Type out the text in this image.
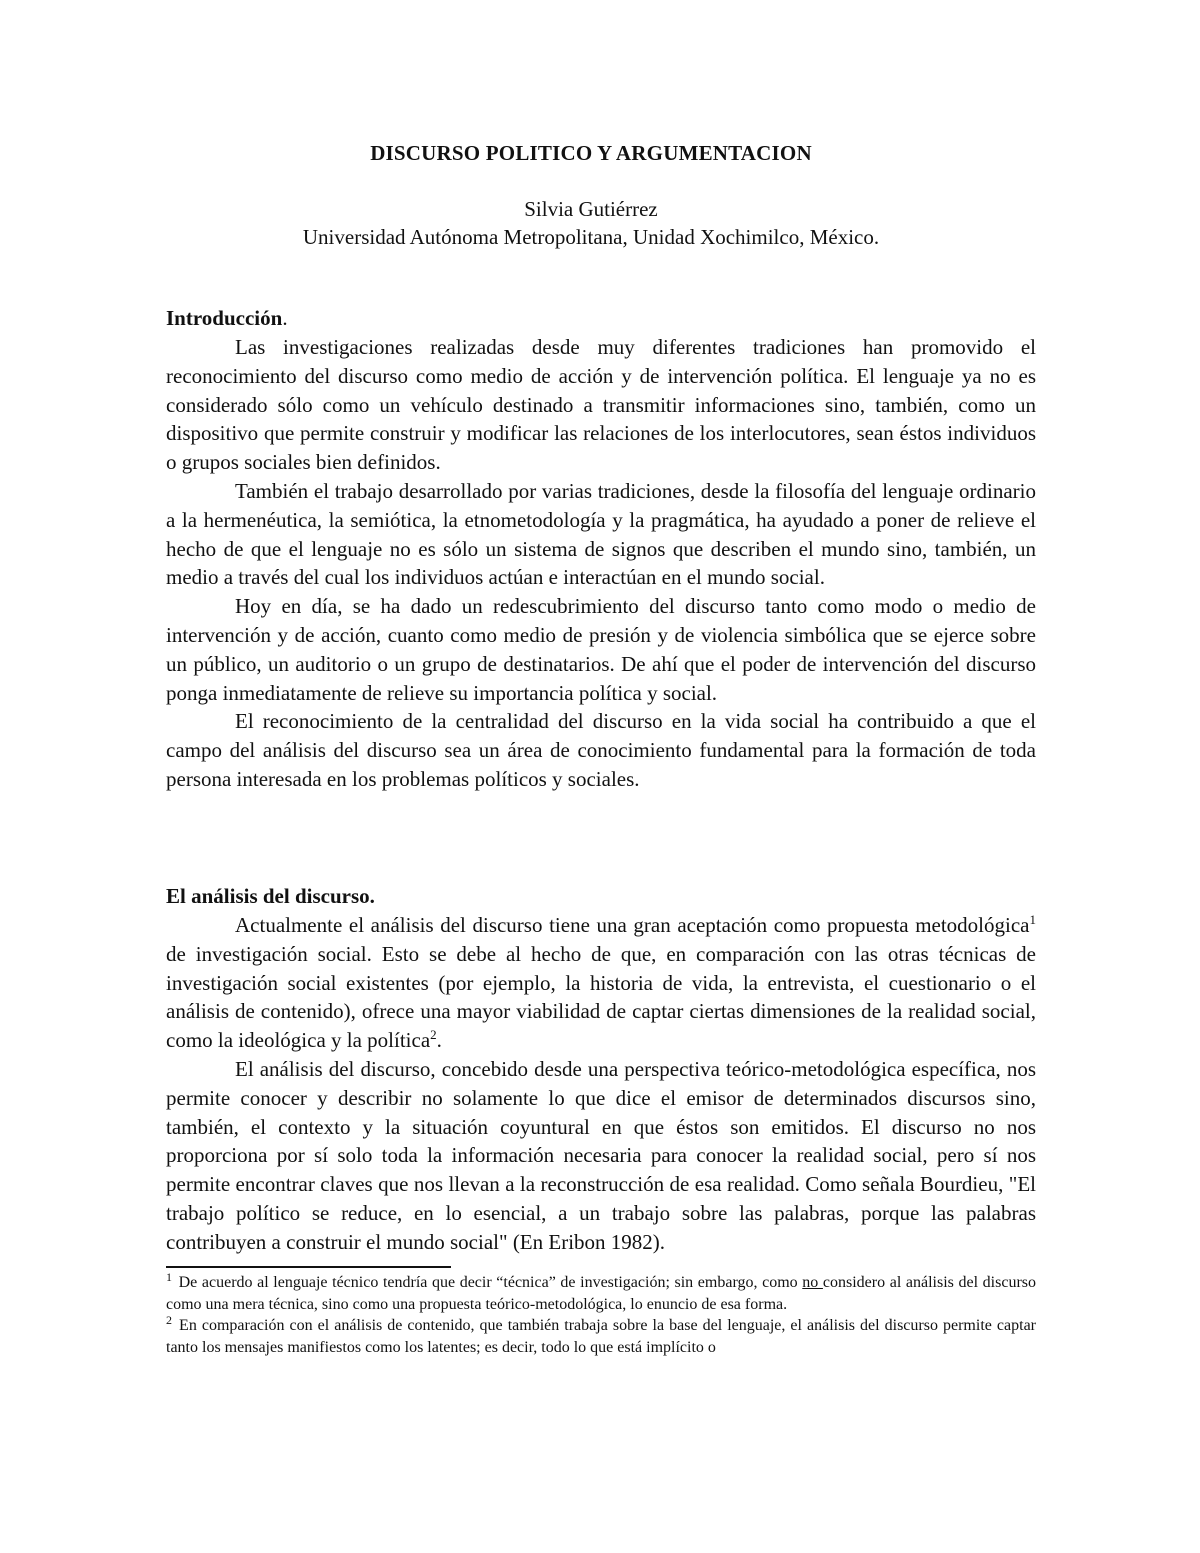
DISCURSO POLITICO Y ARGUMENTACION
Silvia Gutiérrez
Universidad Autónoma Metropolitana, Unidad Xochimilco, México.
Introducción.

Las investigaciones realizadas desde muy diferentes tradiciones han promovido el reconocimiento del discurso como medio de acción y de intervención política. El lenguaje ya no es considerado sólo como un vehículo destinado a transmitir informaciones sino, también, como un dispositivo que permite construir y modificar las relaciones de los interlocutores, sean éstos individuos o grupos sociales bien definidos.

También el trabajo desarrollado por varias tradiciones, desde la filosofía del lenguaje ordinario a la hermenéutica, la semiótica, la etnometodología y la pragmática, ha ayudado a poner de relieve el hecho de que el lenguaje no es sólo un sistema de signos que describen el mundo sino, también, un medio a través del cual los individuos actúan e interactúan en el mundo social.

Hoy en día, se ha dado un redescubrimiento del discurso tanto como modo o medio de intervención y de acción, cuanto como medio de presión y de violencia simbólica que se ejerce sobre un público, un auditorio o un grupo de destinatarios. De ahí que el poder de intervención del discurso ponga inmediatamente de relieve su importancia política y social.

El reconocimiento de la centralidad del discurso en la vida social ha contribuido a que el campo del análisis del discurso sea un área de conocimiento fundamental para la formación de toda persona interesada en los problemas políticos y sociales.

El análisis del discurso.

Actualmente el análisis del discurso tiene una gran aceptación como propuesta metodológica$^1$ de investigación social. Esto se debe al hecho de que, en comparación con las otras técnicas de investigación social existentes (por ejemplo, la historia de vida, la entrevista, el cuestionario o el análisis de contenido), ofrece una mayor viabilidad de captar ciertas dimensiones de la realidad social, como la ideológica y la política$^2$.

El análisis del discurso, concebido desde una perspectiva teórico-metodológica específica, nos permite conocer y describir no solamente lo que dice el emisor de determinados discursos sino, también, el contexto y la situación coyuntural en que éstos son emitidos. El discurso no nos proporciona por sí solo toda la información necesaria para conocer la realidad social, pero sí nos permite encontrar claves que nos llevan a la reconstrucción de esa realidad. Como señala Bourdieu, "El trabajo político se reduce, en lo esencial, a un trabajo sobre las palabras, porque las palabras contribuyen a construir el mundo social" (En Eribon 1982).

$^1$ De acuerdo al lenguaje técnico tendría que decir “técnica” de investigación; sin embargo, como no considero al análisis del discurso como una mera técnica, sino como una propuesta teórico-metodológica, lo enuncio de esa forma.
$^2$ En comparación con el análisis de contenido, que también trabaja sobre la base del lenguaje, el análisis del discurso permite captar tanto los mensajes manifiestos como los latentes; es decir, todo lo que está implícito o
